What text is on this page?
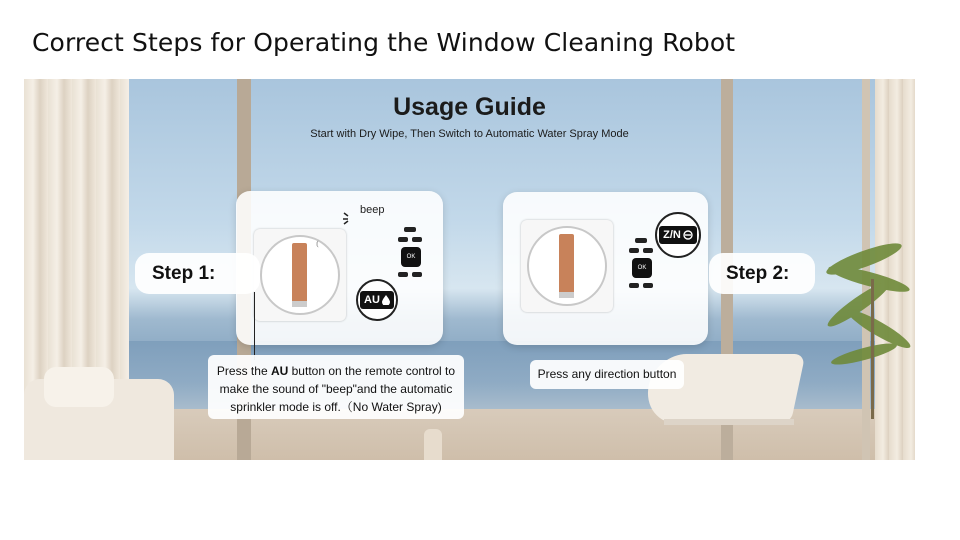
Correct Steps for Operating the Window Cleaning Robot
Usage Guide
Start with Dry Wipe, Then Switch to Automatic Water Spray Mode
⦅
OK
AU
beep
OK
Z/N
Step 1:	Step 2:
Press the AU button on the remote control to make the sound of "beep"and the automatic sprinkler mode is off.（No Water Spray)
Press any direction button
